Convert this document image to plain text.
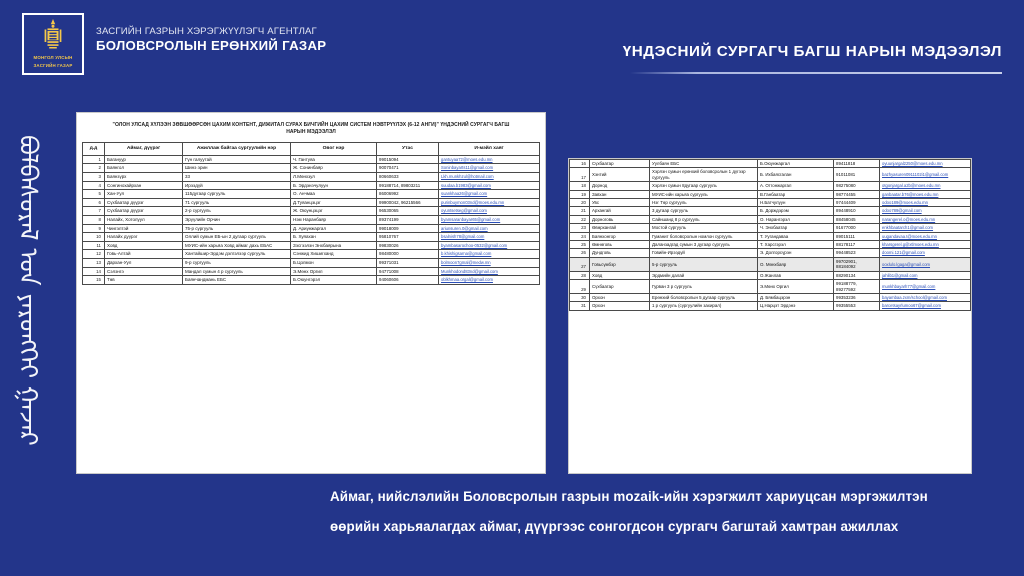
МОНГОЛ УЛСЫН
ЗАСГИЙН ГАЗАР
ЗАСГИЙН ГАЗРЫН ХЭРЭГЖҮҮЛЭГЧ АГЕНТЛАГ
БОЛОВСРОЛЫН ЕРӨНХИЙ ГАЗАР	ҮНДЭСНИЙ СУРГАГЧ БАГШ НАРЫН МЭДЭЭЛЭЛ
ᠪᠣᠯᠪᠠᠰᠤᠷᠠᠯ ᠤᠨ ᠶᠡᠷᠦᠩᠬᠡᠢ ᠭᠠᠵᠠᠷ
"ОЛОН УЛСАД ХҮЛЭЭН ЗӨВШӨӨРСӨН ЦАХИМ КОНТЕНТ, ДИЖИТАЛ СУРАХ БИЧГИЙН ЦАХИМ СИСТЕМ НЭВТРҮҮЛЭХ (6-12 АНГИ)" ҮНДЭСНИЙ СУРГАГЧ БАГШ НАРЫН МЭДЭЭЛЭЛ
д.д	Аймаг, дүүрэг	Ажиллаж байгаа сургуулийн нэр	Овог нэр	Утас	И-мэйл хаяг
1	Багануур	Гүн галуутай	Ч. Гантуяа	99015094	gantuyaa72@moes.edu.mn
2	Баянгол	Шинэ эрин	Ж. Сонинбаяр	90070471	Soninbayarts11@gmail.com
3	Баянзүрх	33	Л.Мөнхзул	80660633	Lkh.munkhzul@hotmail.com
4	Сонгинохайрхан	Ирээдүй	Б. Эрдэнэчулуун	99188714, 89803211	suudaa.b1983@gmail.com
5	Хан-Уул	115дугаар сургууль	О. Анчмаа	86006992	suankhaa26@gmail.com
6	Сүхбаатар дүүрэг	71 сургууль	Д.Туяанцэцэг	99900042, 96215566	purinbuymon03nd@moes.edu.mn
7	Сүхбаатар дүүрэг	2-р сургууль	Ж. Оюунцэцэг	96530065	oyuntsetseg@gmail.com
8	Налайх, Хотолуул	Эрүүлийн Орчин	Нэм Наранбаяр	89374199	byamsaranbayar65@gmail.com
9	Чингэлтэй	75-р сургууль	Д. Ариунжаргал	99018009	ariunsuren.0@gmail.com
10	Налайх дүүрэг	Оллий сумын ЕБ-ын 2 дугаар сургууль	Б. Хуяахан	95810767	bsalnish78@gmail.com
11	Ховд	МУИС-ийн харьяа Ховд аймаг дахь ЕБАС	Зэсгээлэн Энхбаярына	99830026	byambasarochoo-0532@gmail.com
12	Говь-Алтай	Хантайшир-Эрдэм дэлгэлээр сургууль	Сэнжид Хишигханд	98480000	b.khishigsarna@gmail.com
13	Дархан-Уул	9-р сургууль	Б.Цолмон	99371031	bolmoon7gmal@medw.mn
14	Сэлэнгэ	Мандал сумын 4 р сургууль	Э.Мөнх Оргил	94771008	Munkhodond83nd@gmail.com
15	Төв	Баянчандмань ЕБС	Б.Оюунгэрэл	94060606	oblkhmaa.orgal@gmail.com
16	Сүхбаатар	Уулбаян ЕБС	Б.Оюунжаргал	89411818	oyuunjargal2250@moes.edu.mn
17	Хэнтий	Хэрлэн сумын ерөнхий боловсролын 1 дүгээр сургууль	Б. Ихбаясгалан	91011081	bazhyasuren0911102i1@gmail.com
18	Дорнод	Хэрлэн сумын 8дугаар сургууль	А. Отгонжаргал	98275080	otgonjargal.a2b@moes.edu.mn
19	Завхан	МУИС-ийн харьяа сургууль	В.Ганбаатар	98774455	ganbaatar.b76@moes.edu.mn
20	Увс	Нэг Төр сургууль	Н.Батчулуун	97444409	odoo189@moes.edu.mn
21	Архангай	3 дугаар сургууль	Б. Дорждэрэм	89448910	odoo789@gmail.com
22	Дорноговь	Сайншанд 8 р сургууль	О. Нарангэрэл	88458045	narangerel.o@moes.edu.mn
23	Өвөрхангай	Мостой сургууль	Ч. Энхбаатар	91677000	enkhbaatarch1@gmail.com
24	Баянхонгор	Гуманит боловсролын номлон сургууль	Т. Уугандаваа	89015111	uugandavaa.t@moes.edu.mn
25	Өмнөговь	Даланзадгад сумын 3 дугаар сургууль	Т. Харсгэрэл	88178117	kharsgerel.g@xtlmoes.edu.mn
26	Дундговь	Говийн-Ирээдүй	Э. Долгорсүрэн	99448523	doomi.121@gmail.com
27	Говьсүмбэр	5-р сургууль	О. Мөнхбаяр	99702901, 88184092	ooxlulo.lgaga@gmail.com
28	Ховд	Эрдмийн далай	О.Жанлав	88290134	jahlib1@gmail.com
29	Сүхбаатар	Гурван 3 р сургууль	Э.Мөнх Оргил	99188779, 89277592	munkhbayarh77@gmail.com
30	Орхон	Ерөнхий боловсролын 5 дугаар сургууль	Д. Бямбацэрэн	99353236	bayambaa.zxm/school@gmail.com
31	Орхон	1 р сургууль (сургуулийн захирал)	Ц.Нарцэт Эрдэнэ	99355553	barcetsayrlumoo67@gmail.com
Аймаг, нийслэлийн Боловсролын газрын mozaik-ийн хэрэгжилт хариуцсан мэргэжилтэн
өөрийн харьяалагдах аймаг, дүүргээс сонгогдсон сургагч багштай хамтран ажиллах
